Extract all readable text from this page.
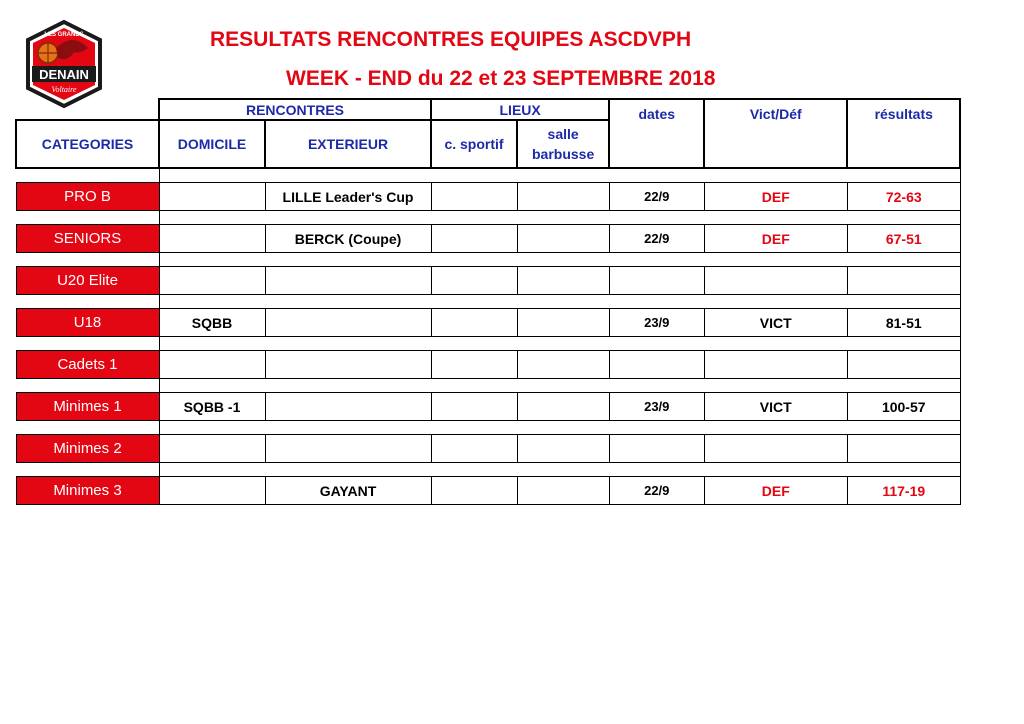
LES GRANDS
DENAIN
Voltaire
RESULTATS RENCONTRES EQUIPES ASCDVPH
WEEK - END du 22 et 23 SEPTEMBRE 2018
	RENCONTRES		LIEUX		dates	Vict/Déf	résultats
CATEGORIES	DOMICILE	EXTERIEUR	c. sportif	salle barbusse			

PRO B		LILLE Leader's Cup			22/9	DEF	72-63

SENIORS		BERCK (Coupe)			22/9	DEF	67-51

U20 Elite							

U18	SQBB				23/9	VICT	81-51

Cadets 1							

Minimes 1	SQBB -1				23/9	VICT	100-57

Minimes 2							

Minimes 3		GAYANT			22/9	DEF	117-19
